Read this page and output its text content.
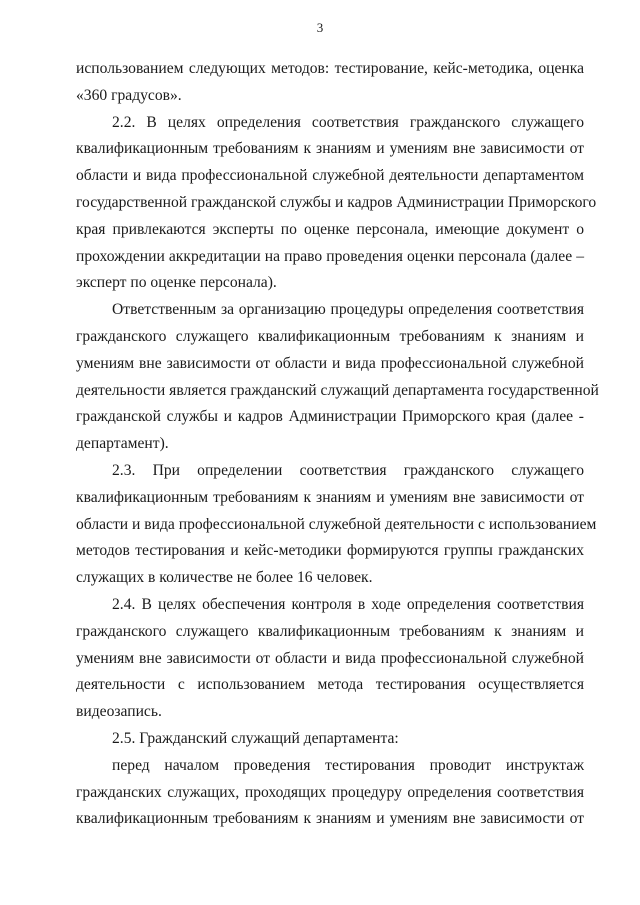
3
использованием следующих методов: тестирование, кейс-методика, оценка
«360 градусов».
2.2. В целях определения соответствия гражданского служащего
квалификационным требованиям к знаниям и умениям вне зависимости от
области и вида профессиональной служебной деятельности департаментом
государственной гражданской службы и кадров Администрации Приморского
края привлекаются эксперты по оценке персонала, имеющие документ о
прохождении аккредитации на право проведения оценки персонала (далее –
эксперт по оценке персонала).
Ответственным за организацию процедуры определения соответствия
гражданского служащего квалификационным требованиям к знаниям и
умениям вне зависимости от области и вида профессиональной служебной
деятельности является гражданский служащий департамента государственной
гражданской службы и кадров Администрации Приморского края (далее -
департамент).
2.3. При определении соответствия гражданского служащего
квалификационным требованиям к знаниям и умениям вне зависимости от
области и вида профессиональной служебной деятельности с использованием
методов тестирования и кейс-методики формируются группы гражданских
служащих в количестве не более 16 человек.
2.4. В целях обеспечения контроля в ходе определения соответствия
гражданского служащего квалификационным требованиям к знаниям и
умениям вне зависимости от области и вида профессиональной служебной
деятельности с использованием метода тестирования осуществляется
видеозапись.
2.5. Гражданский служащий департамента:
перед началом проведения тестирования проводит инструктаж
гражданских служащих, проходящих процедуру определения соответствия
квалификационным требованиям к знаниям и умениям вне зависимости от
